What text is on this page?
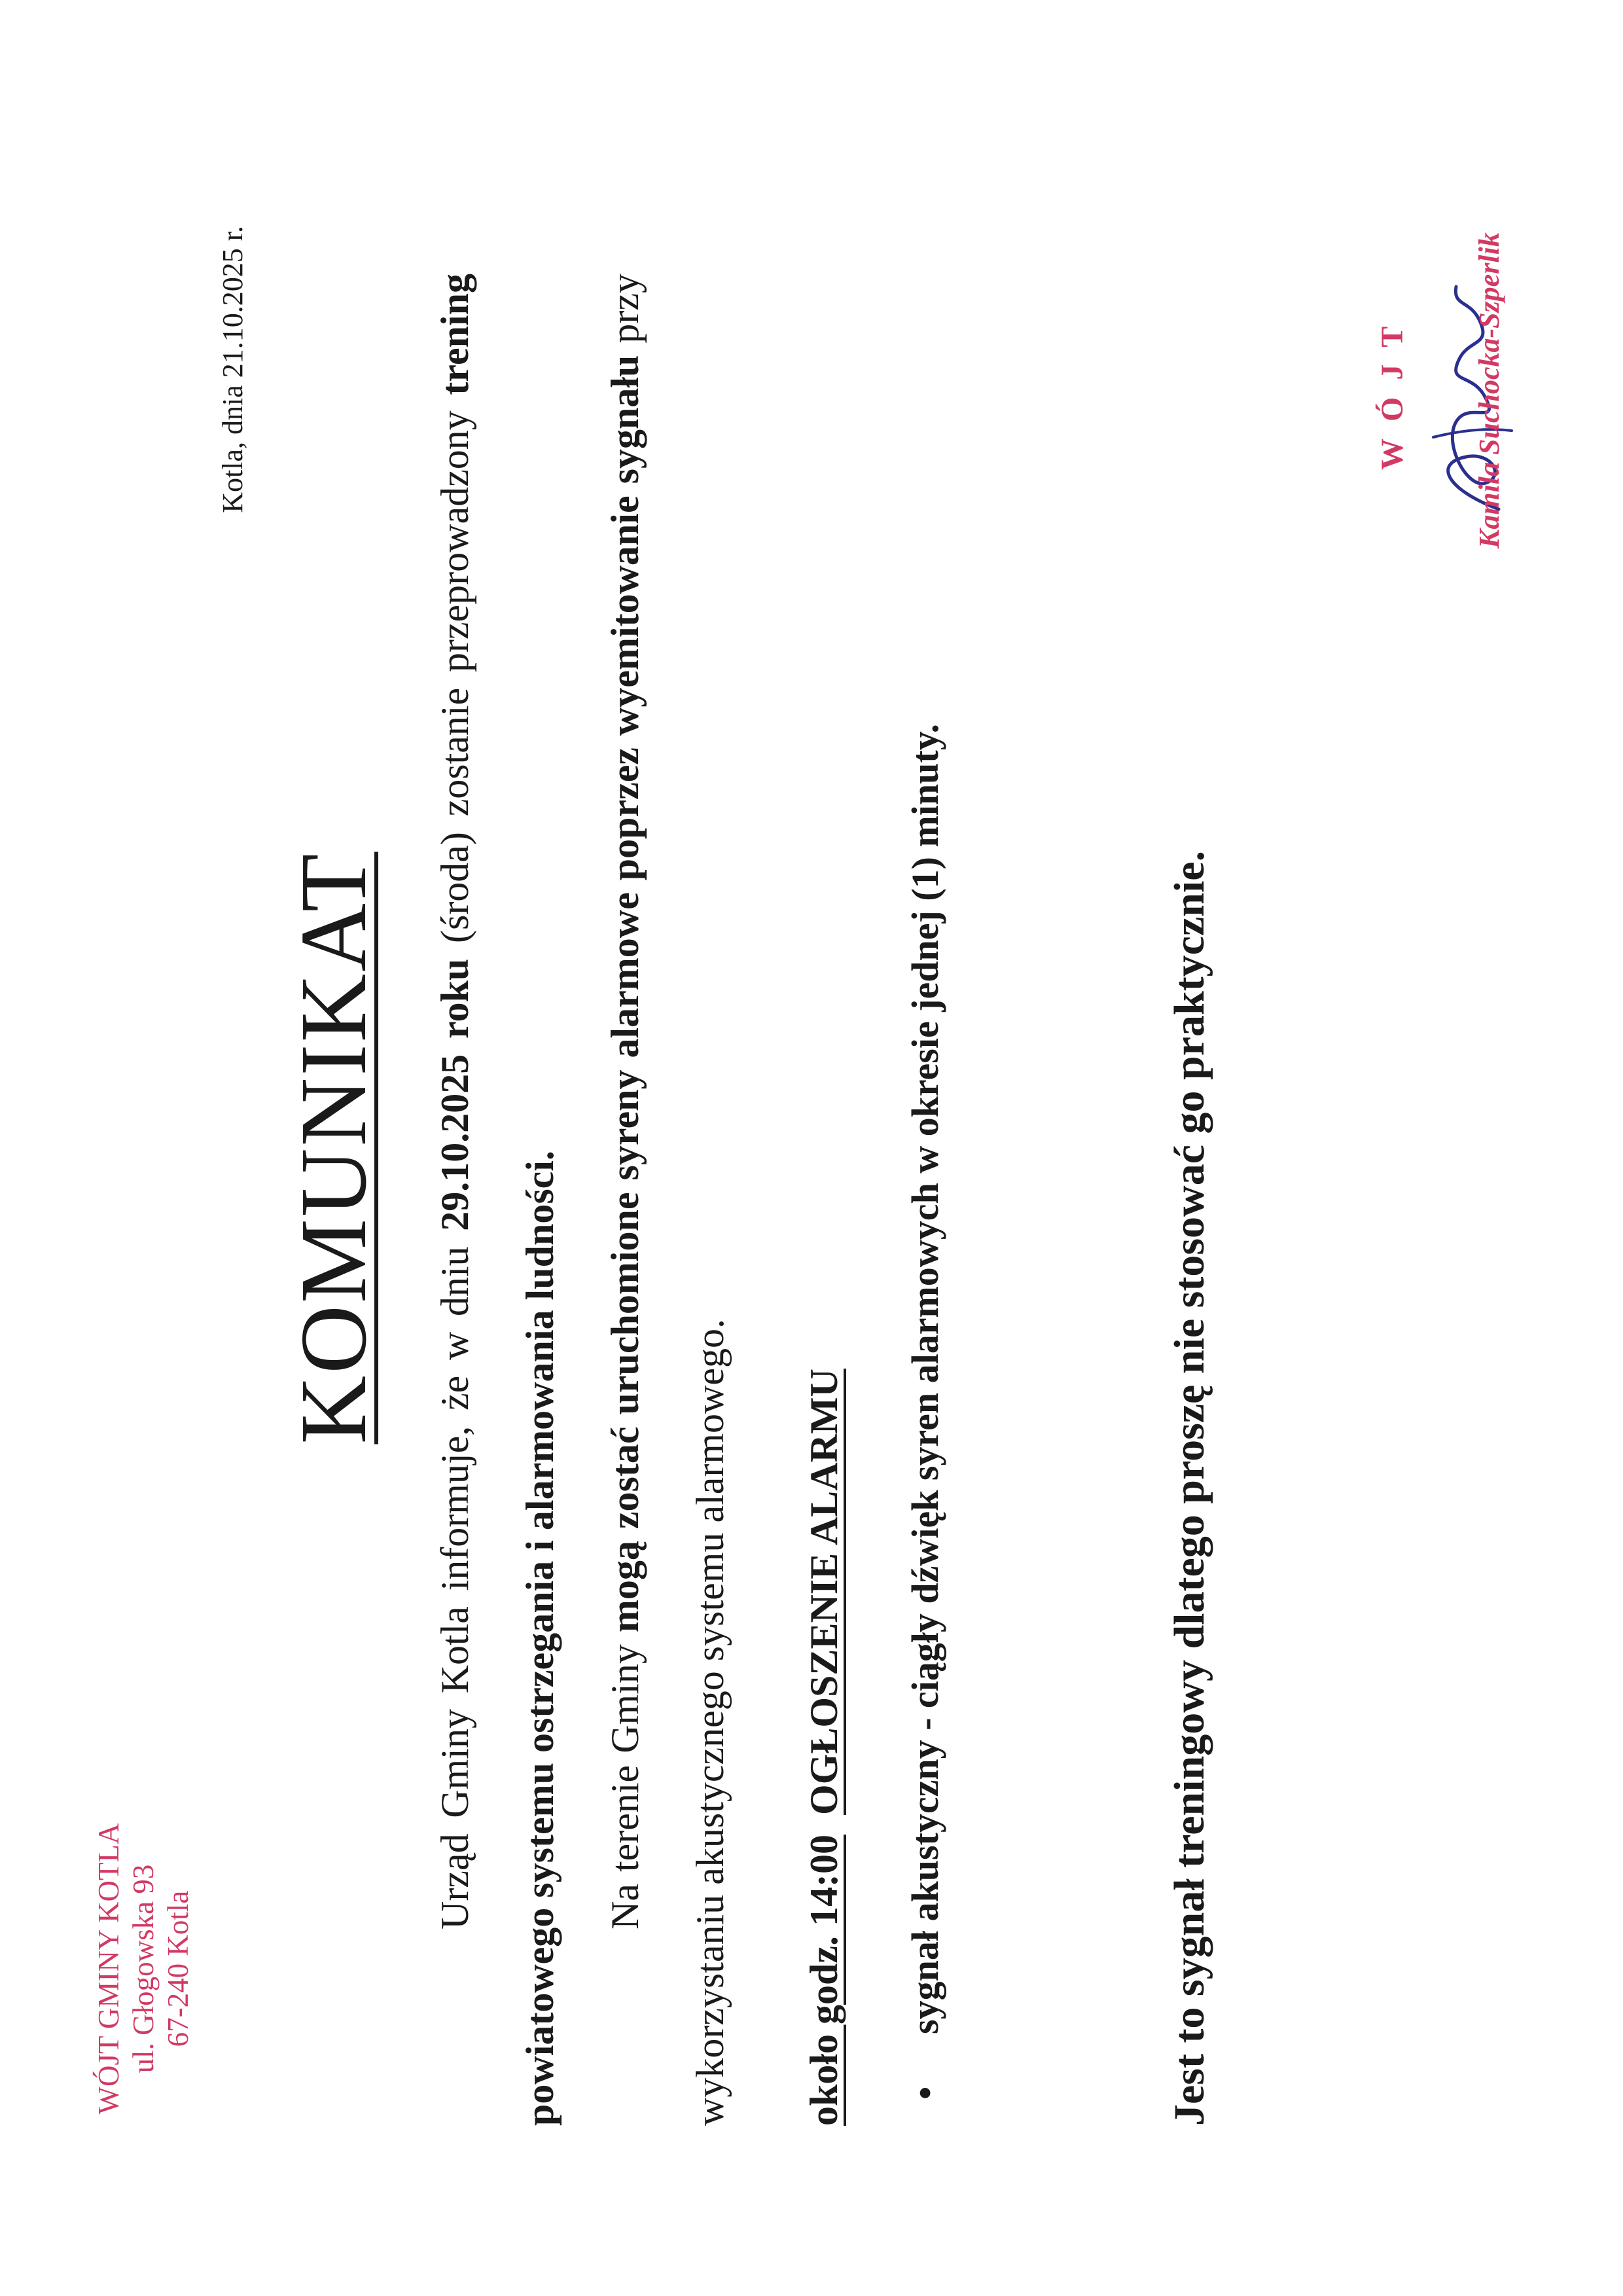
WÓJT GMINY KOTLA ul. Głogowska 93 67-240 Kotla
Kotla, dnia 21.10.2025 r.
KOMUNIKAT
Urząd Gminy Kotla informuje, że w dniu 29.10.2025 roku (środa) zostanie przeprowadzony trening powiatowego systemu ostrzegania i alarmowania ludności.	Na terenie Gminy mogą zostać uruchomione syreny alarmowe poprzez wyemitowanie sygnału przy wykorzystaniu akustycznego systemu alarmowego.	około godz. 14:00  OGŁOSZENIE ALARMU
•sygnał akustyczny - ciągły dźwięk syren alarmowych w okresie jednej (1) minuty.	Jest to sygnał treningowy dlatego proszę nie stosować go praktycznie.
WÓJT Kamila Suchocka-Szperlik
